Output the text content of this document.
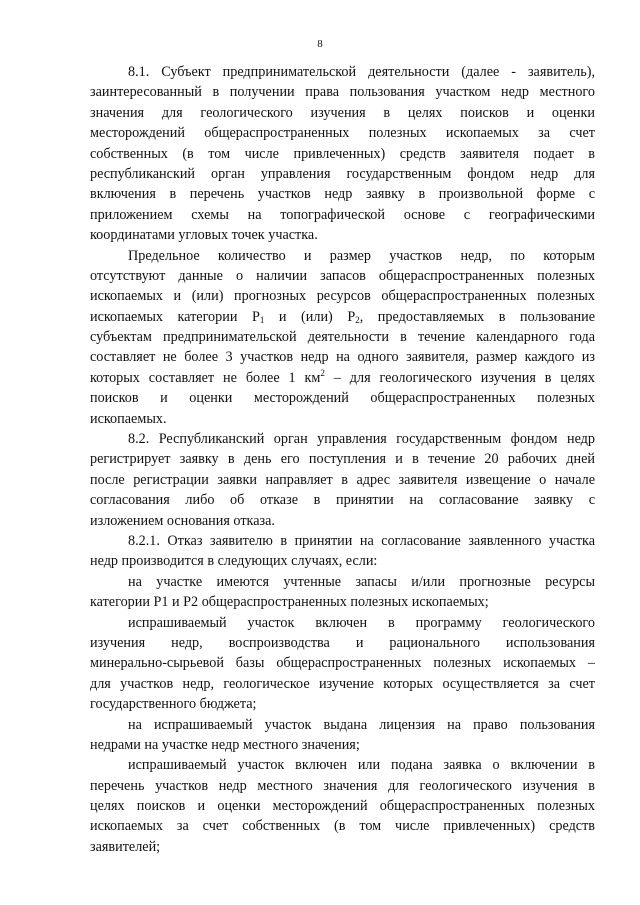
8
8.1. Субъект предпринимательской деятельности (далее - заявитель),
заинтересованный в получении права пользования участком недр местного
значения для геологического изучения в целях поисков и оценки
месторождений общераспространенных полезных ископаемых за счет
собственных (в том числе привлеченных) средств заявителя подает в
республиканский орган управления государственным фондом недр для
включения в перечень участков недр заявку в произвольной форме с
приложением схемы на топографической основе с географическими
координатами угловых точек участка.
Предельное количество и размер участков недр, по которым
отсутствуют данные о наличии запасов общераспространенных полезных
ископаемых и (или) прогнозных ресурсов общераспространенных полезных
ископаемых категории $Р_1$ и (или) $Р_2$, предоставляемых в пользование
субъектам предпринимательской деятельности в течение календарного года
составляет не более 3 участков недр на одного заявителя, размер каждого из
которых составляет не более 1 $км^2$ – для геологического изучения в целях
поисков и оценки месторождений общераспространенных полезных
ископаемых.
8.2. Республиканский орган управления государственным фондом недр
регистрирует заявку в день его поступления и в течение 20 рабочих дней
после регистрации заявки направляет в адрес заявителя извещение о начале
согласования либо об отказе в принятии на согласование заявку с
изложением основания отказа.
8.2.1. Отказ заявителю в принятии на согласование заявленного участка
недр производится в следующих случаях, если:
на участке имеются учтенные запасы и/или прогнозные ресурсы
категории Р1 и Р2 общераспространенных полезных ископаемых;
испрашиваемый участок включен в программу геологического
изучения недр, воспроизводства и рационального использования
минерально-сырьевой базы общераспространенных полезных ископаемых –
для участков недр, геологическое изучение которых осуществляется за счет
государственного бюджета;
на испрашиваемый участок выдана лицензия на право пользования
недрами на участке недр местного значения;
испрашиваемый участок включен или подана заявка о включении в
перечень участков недр местного значения для геологического изучения в
целях поисков и оценки месторождений общераспространенных полезных
ископаемых за счет собственных (в том числе привлеченных) средств
заявителей;
